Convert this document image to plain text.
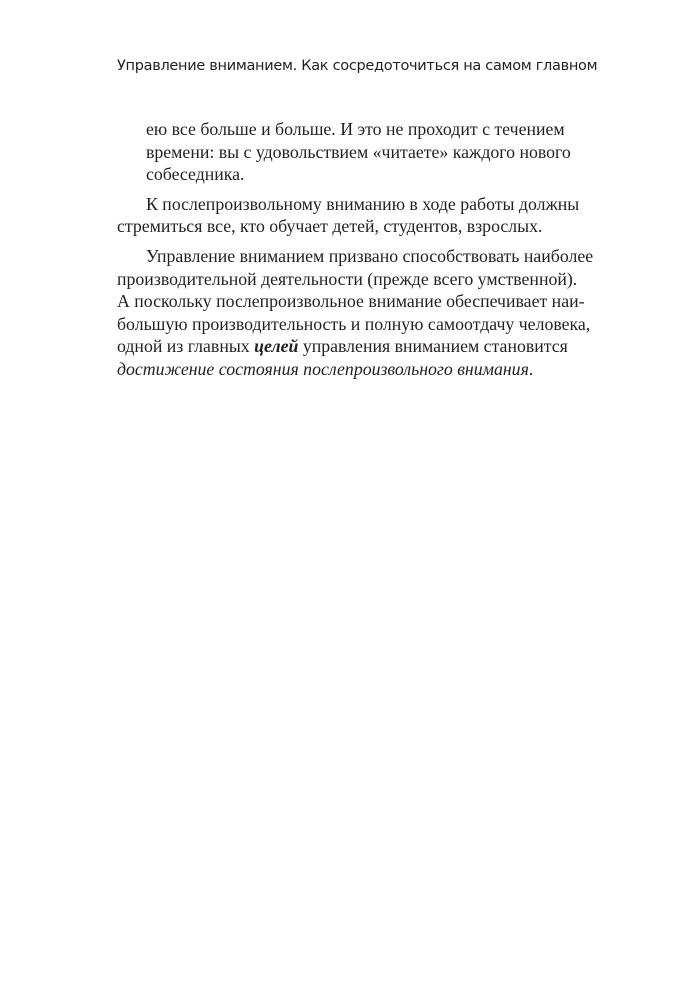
Управление вниманием. Как сосредоточиться на самом главном
ею все больше и больше. И это не проходит с течением
времени: вы с удовольствием «читаете» каждого нового
собеседника.
К послепроизвольному вниманию в ходе работы должны
стремиться все, кто обучает детей, студентов, взрослых.
Управление вниманием призвано способствовать наиболее
производительной деятельности (прежде всего умственной).
А поскольку послепроизвольное внимание обеспечивает наи-
большую производительность и полную самоотдачу человека,
одной из главных целей управления вниманием становится
достижение состояния послепроизвольного внимания.
